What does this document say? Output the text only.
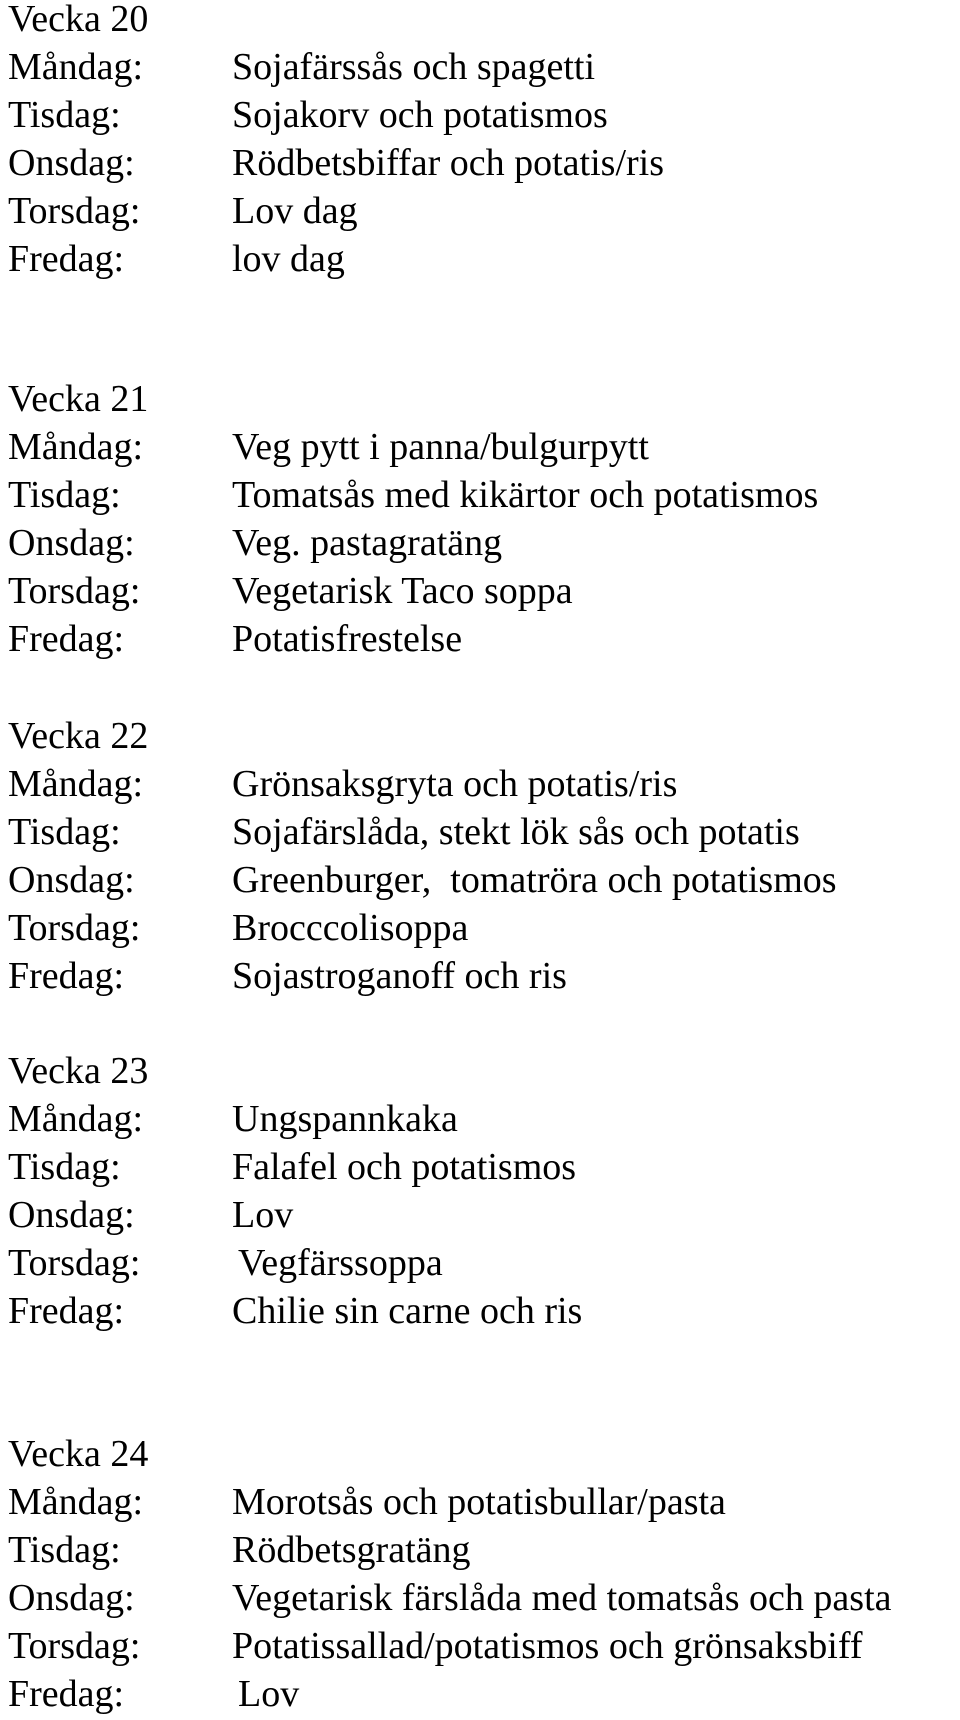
Vecka 20
Måndag:	Sojafärssås och spagetti
Tisdag:	Sojakorv och potatismos
Onsdag:	Rödbetsbiffar och potatis/ris
Torsdag:	Lov dag
Fredag:	lov dag
Vecka 21
Måndag:	Veg pytt i panna/bulgurpytt
Tisdag:	Tomatsås med kikärtor och potatismos
Onsdag:	Veg. pastagratäng
Torsdag:	Vegetarisk Taco soppa
Fredag:	Potatisfrestelse
Vecka 22
Måndag:	Grönsaksgryta och potatis/ris
Tisdag:	Sojafärslåda, stekt lök sås och potatis
Onsdag:	Greenburger,  tomatröra och potatismos
Torsdag:	Brocccolisoppa
Fredag:	Sojastroganoff och ris
Vecka 23
Måndag:	Ungspannkaka
Tisdag:	Falafel och potatismos
Onsdag:	Lov
Torsdag:	Vegfärssoppa
Fredag:	Chilie sin carne och ris
Vecka 24
Måndag:	Morotsås och potatisbullar/pasta
Tisdag:	Rödbetsgratäng
Onsdag:	Vegetarisk färslåda med tomatsås och pasta
Torsdag:	Potatissallad/potatismos och grönsaksbiff
Fredag:	Lov
